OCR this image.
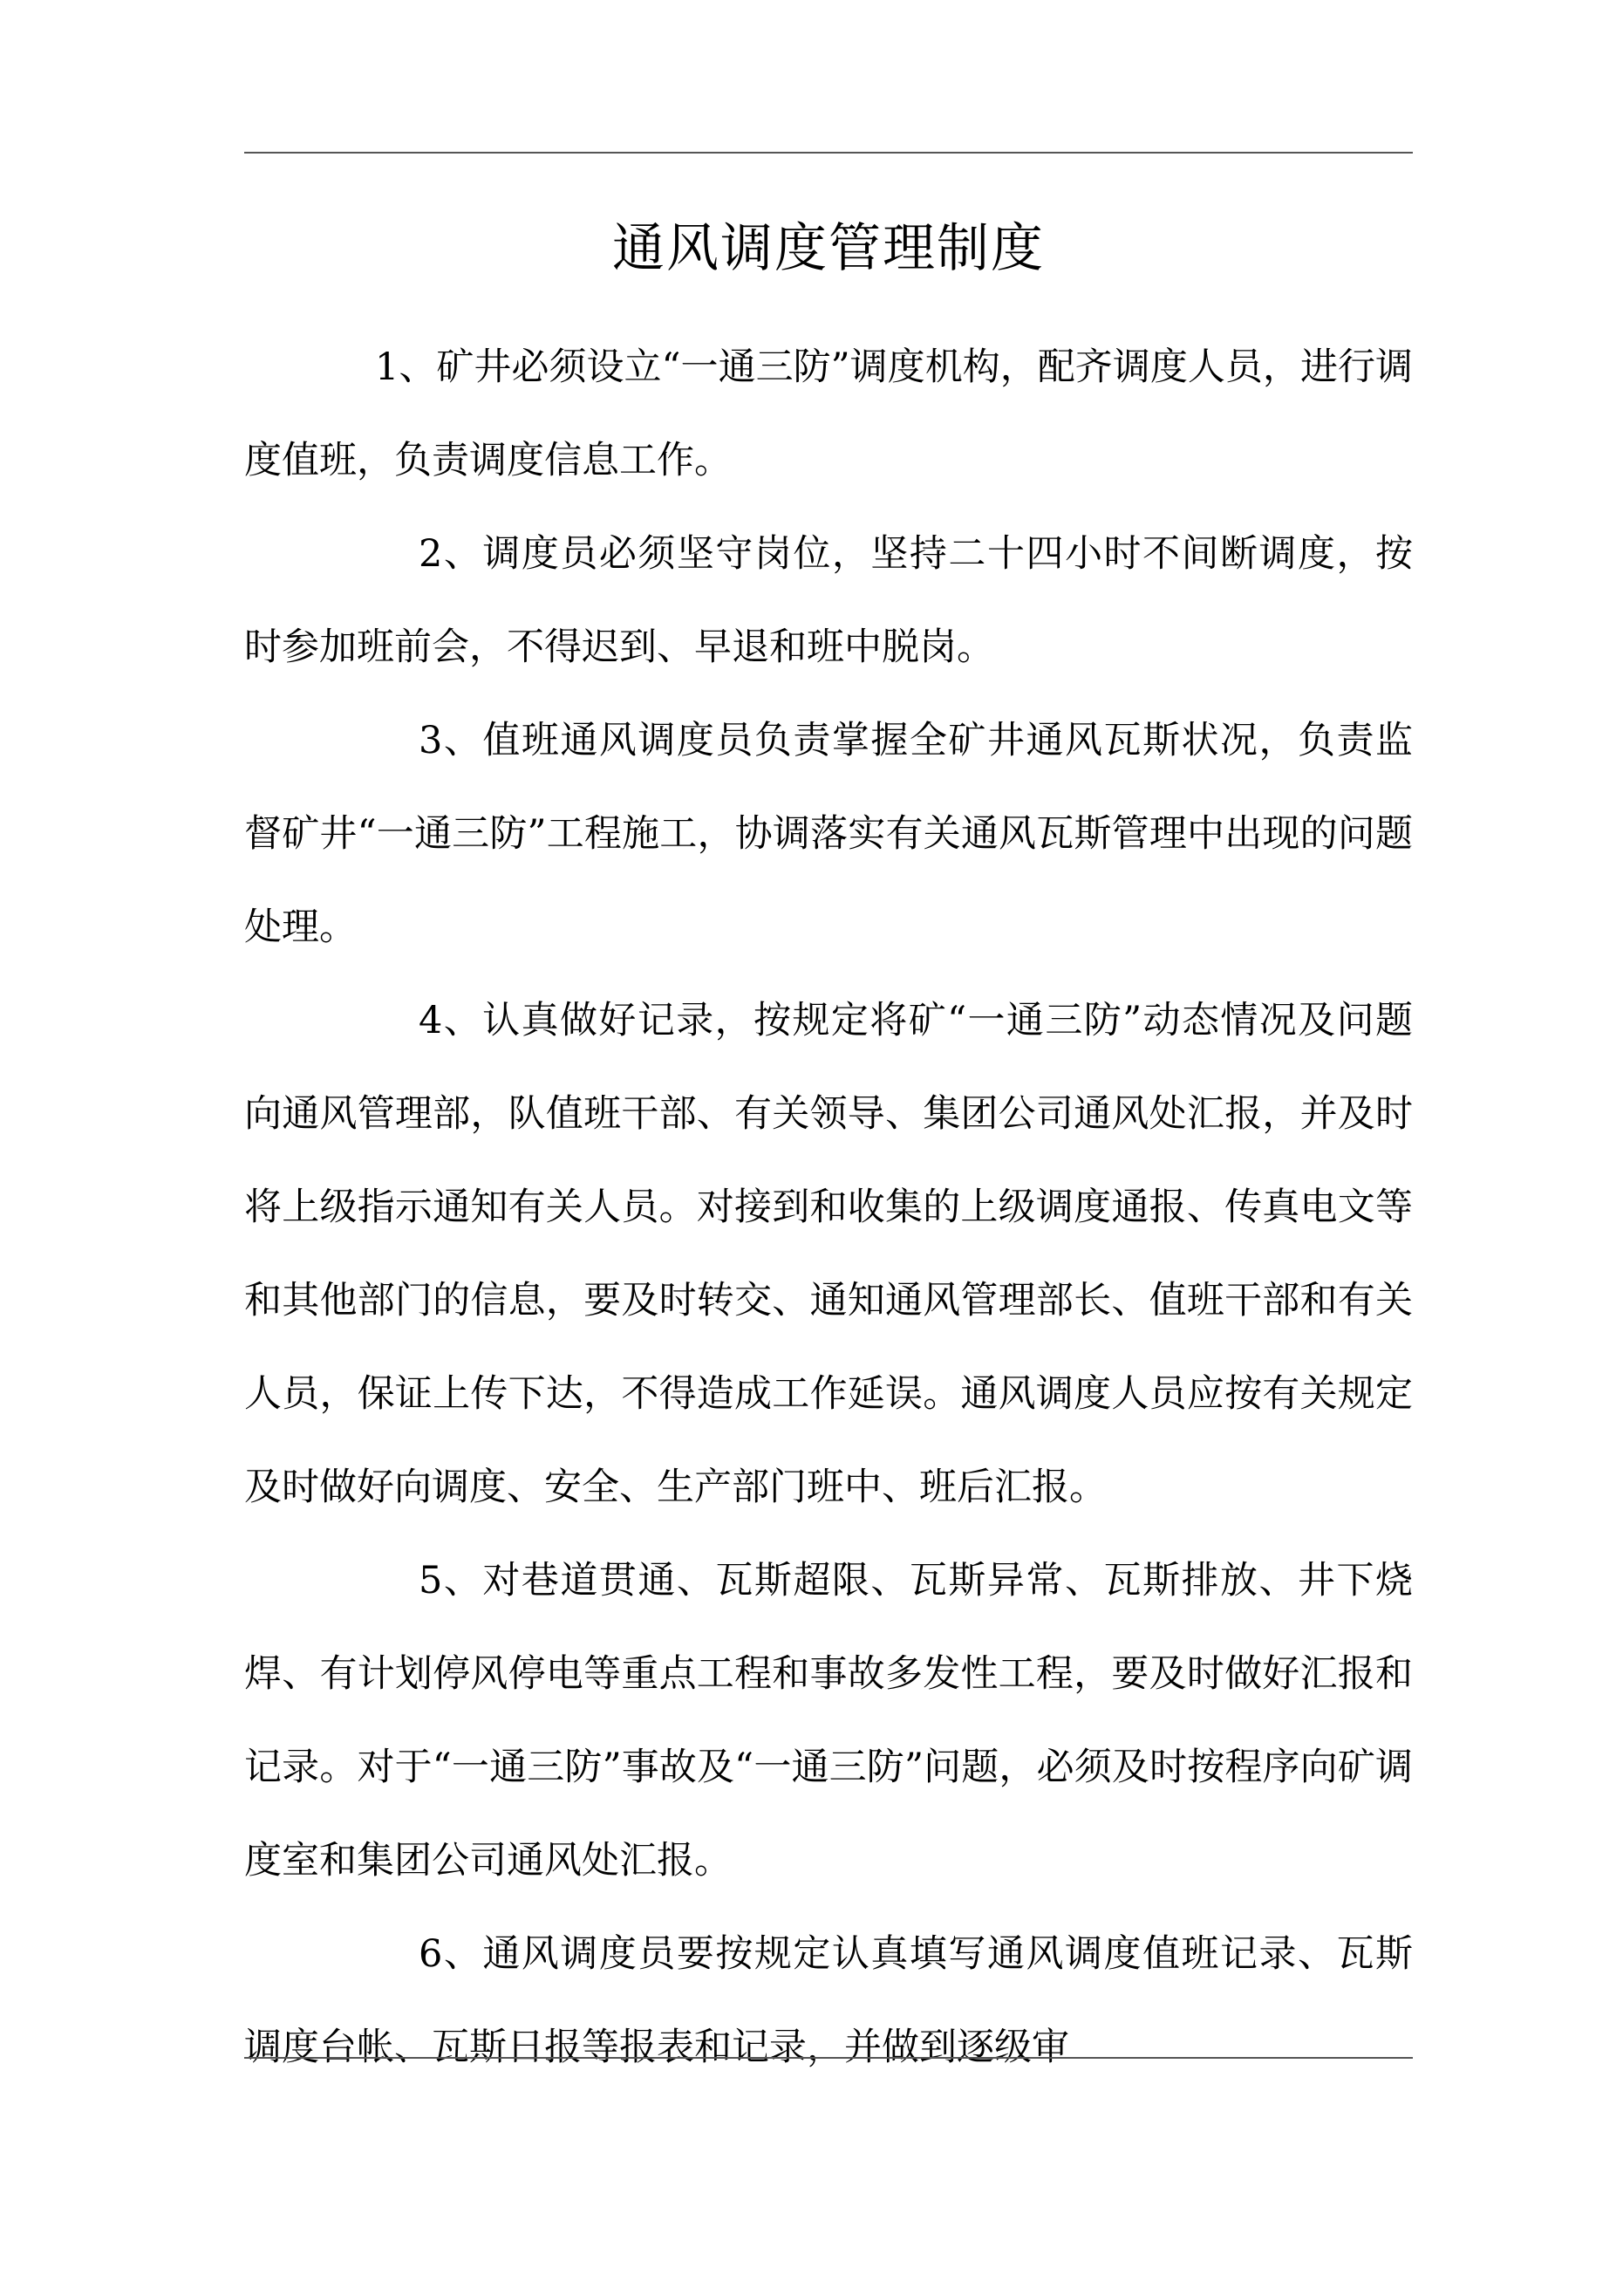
通风调度管理制度

1、矿井必须设立“一通三防”调度机构，配齐调度人员，进行调度值班，负责调度信息工作。

2、调度员必须坚守岗位，坚持二十四小时不间断调度，按时参加班前会，不得迟到、早退和班中脱岗。

3、值班通风调度员负责掌握全矿井通风瓦斯状况，负责监督矿井“一通三防”工程施工，协调落实有关通风瓦斯管理中出现的问题处理。

4、认真做好记录，按规定将矿“一通三防”动态情况及问题向通风管理部，队值班干部、有关领导、集团公司通风处汇报，并及时将上级指示通知有关人员。对接到和收集的上级调度通报、传真电文等和其他部门的信息，要及时转交、通知通风管理部长、值班干部和有关人员，保证上传下达，不得造成工作延误。通风调度人员应按有关规定及时做好向调度、安全、生产部门班中、班后汇报。

5、对巷道贯通、瓦斯超限、瓦斯异常、瓦斯排放、井下烧焊、有计划停风停电等重点工程和事故多发性工程，要及时做好汇报和记录。对于“一通三防”事故及“一通三防”问题，必须及时按程序向矿调度室和集团公司通风处汇报。

6、通风调度员要按规定认真填写通风调度值班记录、瓦斯调度台帐、瓦斯日报等报表和记录，并做到逐级审
